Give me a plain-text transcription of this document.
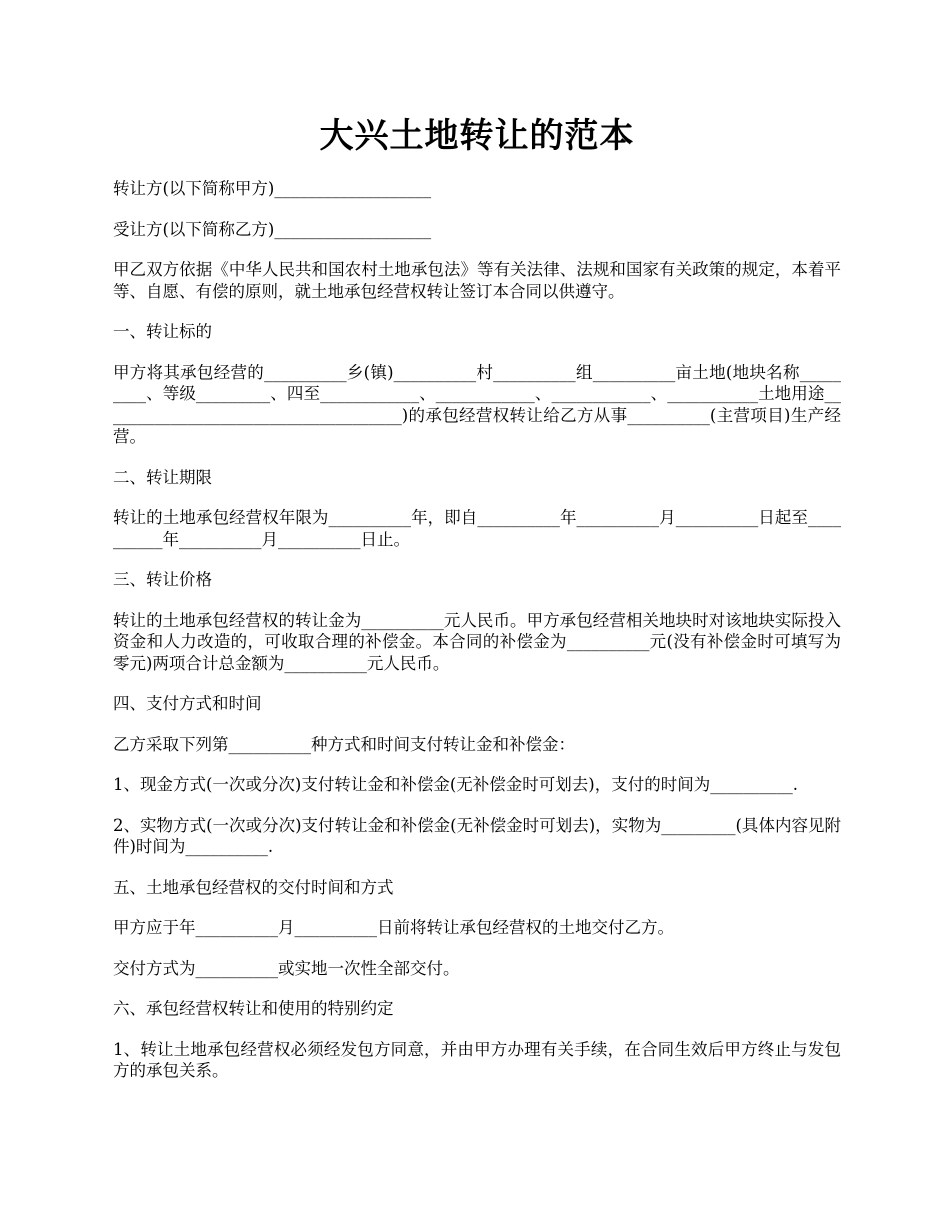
大兴土地转让的范本
转让方(以下简称甲方)___________________
受让方(以下简称乙方)___________________
甲乙双方依据《中华人民共和国农村土地承包法》等有关法律、法规和国家有关政策的规定，本着平等、自愿、有偿的原则，就土地承包经营权转让签订本合同以供遵守。
一、转让标的
甲方将其承包经营的__________乡(镇)__________村__________组__________亩土地(地块名称_________、等级_________、四至____________、____________、____________、___________土地用途_____________________________________)的承包经营权转让给乙方从事__________(主营项目)生产经营。
二、转让期限
转让的土地承包经营权年限为__________年，即自__________年__________月__________日起至__________年__________月__________日止。
三、转让价格
转让的土地承包经营权的转让金为__________元人民币。甲方承包经营相关地块时对该地块实际投入资金和人力改造的，可收取合理的补偿金。本合同的补偿金为__________元(没有补偿金时可填写为零元)两项合计总金额为__________元人民币。
四、支付方式和时间
乙方采取下列第__________种方式和时间支付转让金和补偿金：
1、现金方式(一次或分次)支付转让金和补偿金(无补偿金时可划去)，支付的时间为__________.
2、实物方式(一次或分次)支付转让金和补偿金(无补偿金时可划去)，实物为_________(具体内容见附件)时间为__________.
五、土地承包经营权的交付时间和方式
甲方应于年__________月__________日前将转让承包经营权的土地交付乙方。
交付方式为__________或实地一次性全部交付。
六、承包经营权转让和使用的特别约定
1、转让土地承包经营权必须经发包方同意，并由甲方办理有关手续，在合同生效后甲方终止与发包方的承包关系。
